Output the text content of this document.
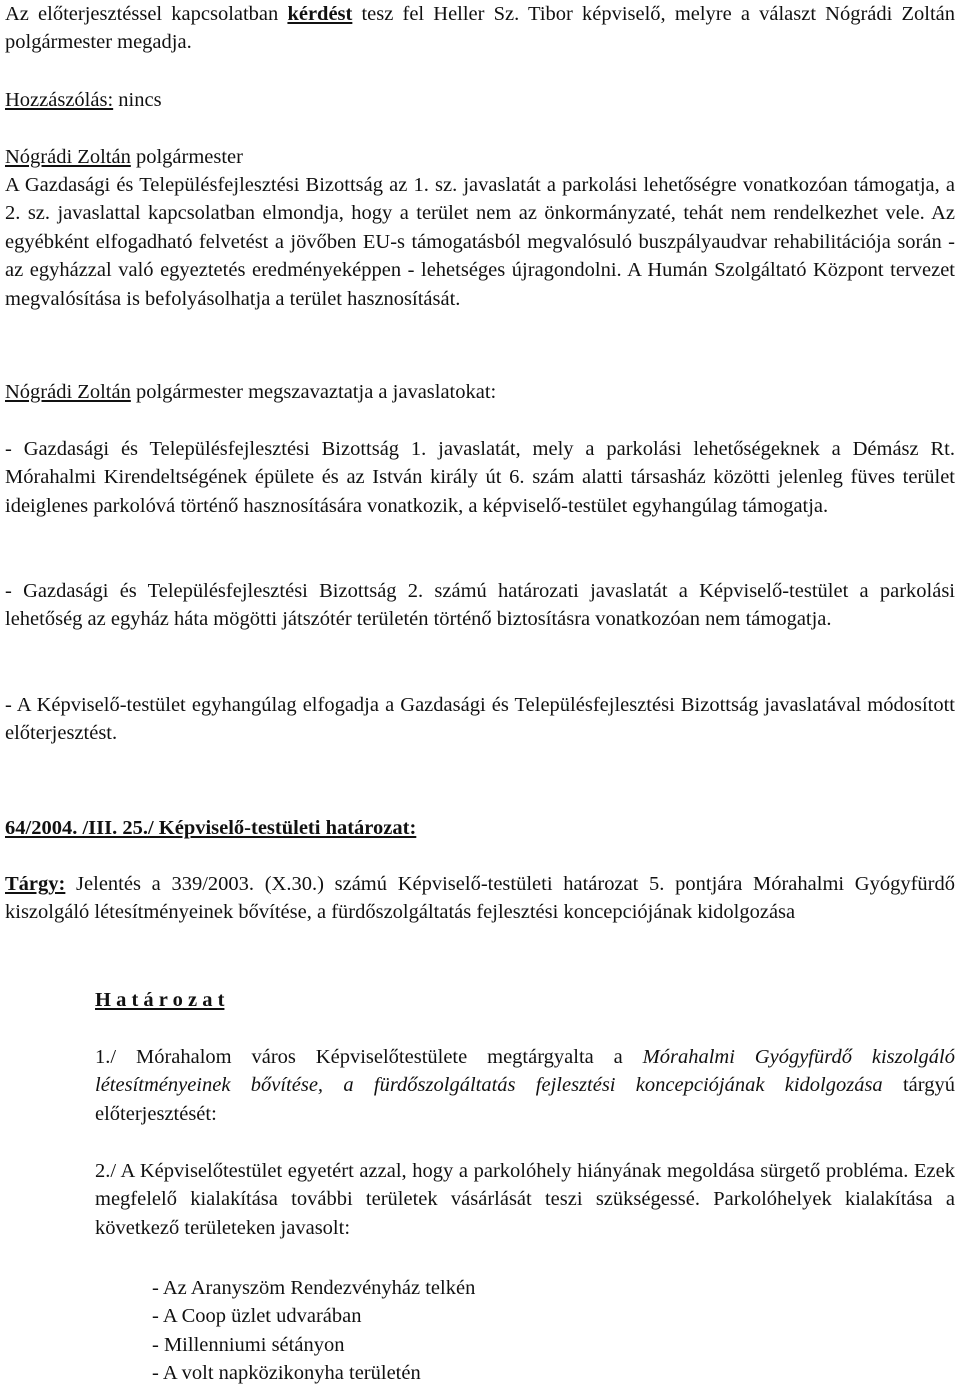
Az előterjesztéssel kapcsolatban kérdést tesz fel Heller Sz. Tibor képviselő, melyre a választ Nógrádi Zoltán polgármester megadja.

Hozzászólás: nincs

Nógrádi Zoltán polgármester

A Gazdasági és Településfejlesztési Bizottság az 1. sz. javaslatát a parkolási lehetőségre vonatkozóan támogatja, a 2. sz. javaslattal kapcsolatban elmondja, hogy a terület nem az önkormányzaté, tehát nem rendelkezhet vele. Az egyébként elfogadható felvetést a jövőben EU-s támogatásból megvalósuló buszpályaudvar rehabilitációja során - az egyházzal való egyeztetés eredményeképpen - lehetséges újragondolni. A Humán Szolgáltató Központ tervezet megvalósítása is befolyásolhatja a terület hasznosítását.

Nógrádi Zoltán polgármester megszavaztatja a javaslatokat:

- Gazdasági és Településfejlesztési Bizottság 1. javaslatát, mely a parkolási lehetőségeknek a Démász Rt. Mórahalmi Kirendeltségének épülete és az István király út 6. szám alatti társasház közötti jelenleg füves terület ideiglenes parkolóvá történő hasznosítására vonatkozik, a képviselő-testület egyhangúlag támogatja.

- Gazdasági és Településfejlesztési Bizottság 2. számú határozati javaslatát a Képviselő-testület a parkolási lehetőség az egyház háta mögötti játszótér területén történő biztosításra vonatkozóan nem támogatja.

- A Képviselő-testület egyhangúlag elfogadja a Gazdasági és Településfejlesztési Bizottság javaslatával módosított előterjesztést.

64/2004. /III. 25./ Képviselő-testületi határozat:

Tárgy: Jelentés a 339/2003. (X.30.) számú Képviselő-testületi határozat 5. pontjára Mórahalmi Gyógyfürdő kiszolgáló létesítményeinek bővítése, a fürdőszolgáltatás fejlesztési koncepciójának kidolgozása

H a t á r o z a t

1./ Mórahalom város Képviselőtestülete megtárgyalta a Mórahalmi Gyógyfürdő kiszolgáló létesítményeinek bővítése, a fürdőszolgáltatás fejlesztési koncepciójának kidolgozása tárgyú előterjesztését:

2./ A Képviselőtestület egyetért azzal, hogy a parkolóhely hiányának megoldása sürgető probléma. Ezek megfelelő kialakítása további területek vásárlását teszi szükségessé. Parkolóhelyek kialakítása a következő területeken javasolt:

- Az Aranyszöm Rendezvényház telkén
- A Coop üzlet udvarában
- Millenniumi sétányon
- A volt napközikonyha területén
